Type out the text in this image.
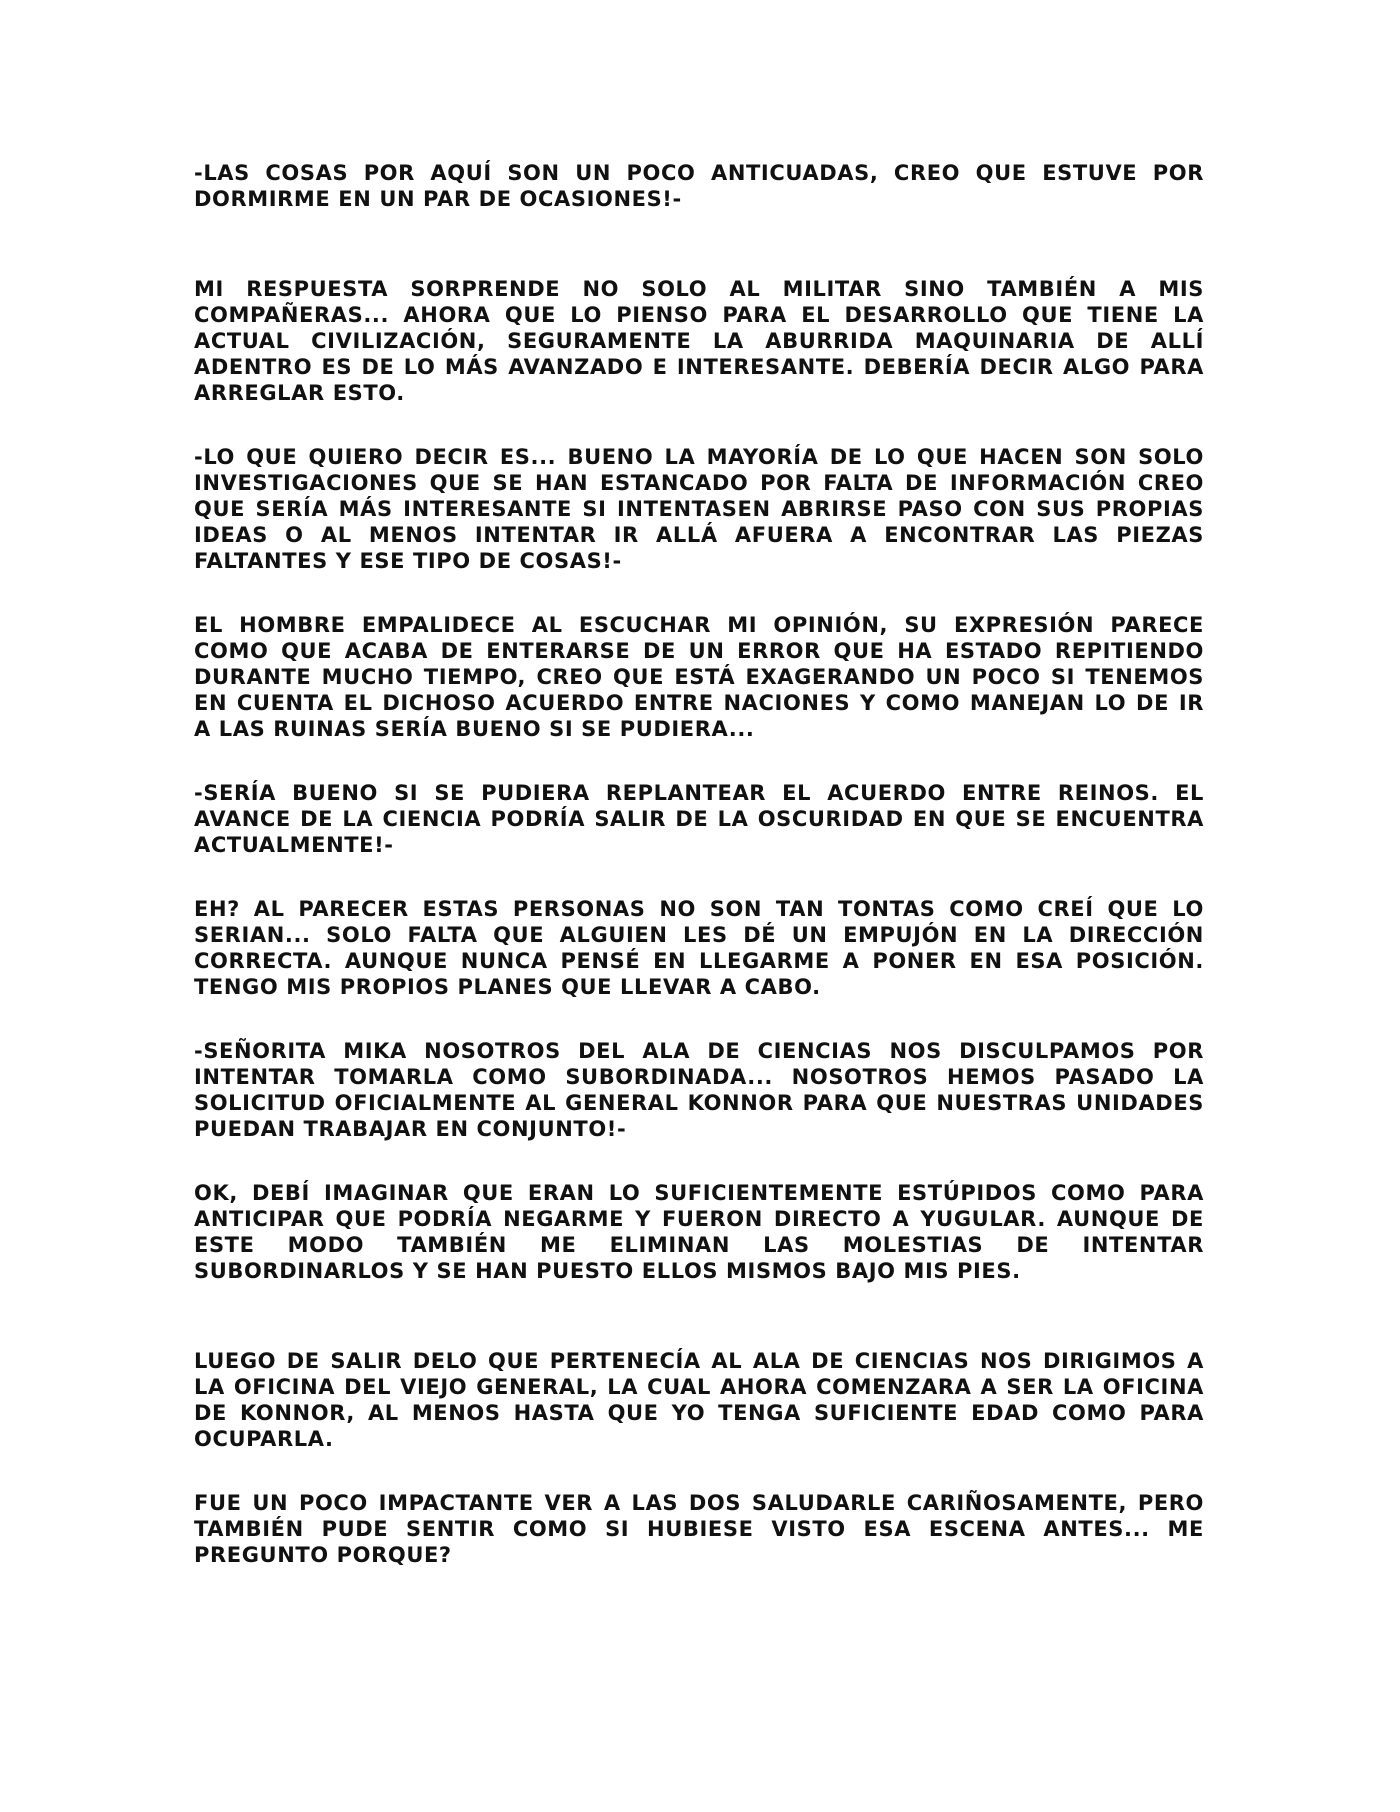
-LAS COSAS POR AQUÍ SON UN POCO ANTICUADAS, CREO QUE ESTUVE POR DORMIRME EN UN PAR DE OCASIONES!-

MI RESPUESTA SORPRENDE NO SOLO AL MILITAR SINO TAMBIÉN A MIS COMPAÑERAS... AHORA QUE LO PIENSO PARA EL DESARROLLO QUE TIENE LA ACTUAL CIVILIZACIÓN, SEGURAMENTE LA ABURRIDA MAQUINARIA DE ALLÍ ADENTRO ES DE LO MÁS AVANZADO E INTERESANTE. DEBERÍA DECIR ALGO PARA ARREGLAR ESTO.

-LO QUE QUIERO DECIR ES... BUENO LA MAYORÍA DE LO QUE HACEN SON SOLO INVESTIGACIONES QUE SE HAN ESTANCADO POR FALTA DE INFORMACIÓN CREO QUE SERÍA MÁS INTERESANTE SI INTENTASEN ABRIRSE PASO CON SUS PROPIAS IDEAS O AL MENOS INTENTAR IR ALLÁ AFUERA A ENCONTRAR LAS PIEZAS FALTANTES Y ESE TIPO DE COSAS!-

EL HOMBRE EMPALIDECE AL ESCUCHAR MI OPINIÓN, SU EXPRESIÓN PARECE COMO QUE ACABA DE ENTERARSE DE UN ERROR QUE HA ESTADO REPITIENDO DURANTE MUCHO TIEMPO, CREO QUE ESTÁ EXAGERANDO UN POCO SI TENEMOS EN CUENTA EL DICHOSO ACUERDO ENTRE NACIONES Y COMO MANEJAN LO DE IR A LAS RUINAS SERÍA BUENO SI SE PUDIERA...

-SERÍA BUENO SI SE PUDIERA REPLANTEAR EL ACUERDO ENTRE REINOS. EL AVANCE DE LA CIENCIA PODRÍA SALIR DE LA OSCURIDAD EN QUE SE ENCUENTRA ACTUALMENTE!-

EH? AL PARECER ESTAS PERSONAS NO SON TAN TONTAS COMO CREÍ QUE LO SERIAN... SOLO FALTA QUE ALGUIEN LES DÉ UN EMPUJÓN EN LA DIRECCIÓN CORRECTA. AUNQUE NUNCA PENSÉ EN LLEGARME A PONER EN ESA POSICIÓN. TENGO MIS PROPIOS PLANES QUE LLEVAR A CABO.

-SEÑORITA MIKA NOSOTROS DEL ALA DE CIENCIAS NOS DISCULPAMOS POR INTENTAR TOMARLA COMO SUBORDINADA... NOSOTROS HEMOS PASADO LA SOLICITUD OFICIALMENTE AL GENERAL KONNOR PARA QUE NUESTRAS UNIDADES PUEDAN TRABAJAR EN CONJUNTO!-

OK, DEBÍ IMAGINAR QUE ERAN LO SUFICIENTEMENTE ESTÚPIDOS COMO PARA ANTICIPAR QUE PODRÍA NEGARME Y FUERON DIRECTO A YUGULAR. AUNQUE DE ESTE MODO TAMBIÉN ME ELIMINAN LAS MOLESTIAS DE INTENTAR SUBORDINARLOS Y SE HAN PUESTO ELLOS MISMOS BAJO MIS PIES.

LUEGO DE SALIR DELO QUE PERTENECÍA AL ALA DE CIENCIAS NOS DIRIGIMOS A LA OFICINA DEL VIEJO GENERAL, LA CUAL AHORA COMENZARA A SER LA OFICINA DE KONNOR, AL MENOS HASTA QUE YO TENGA SUFICIENTE EDAD COMO PARA OCUPARLA.

FUE UN POCO IMPACTANTE VER A LAS DOS SALUDARLE CARIÑOSAMENTE, PERO TAMBIÉN PUDE SENTIR COMO SI HUBIESE VISTO ESA ESCENA ANTES... ME PREGUNTO PORQUE?
